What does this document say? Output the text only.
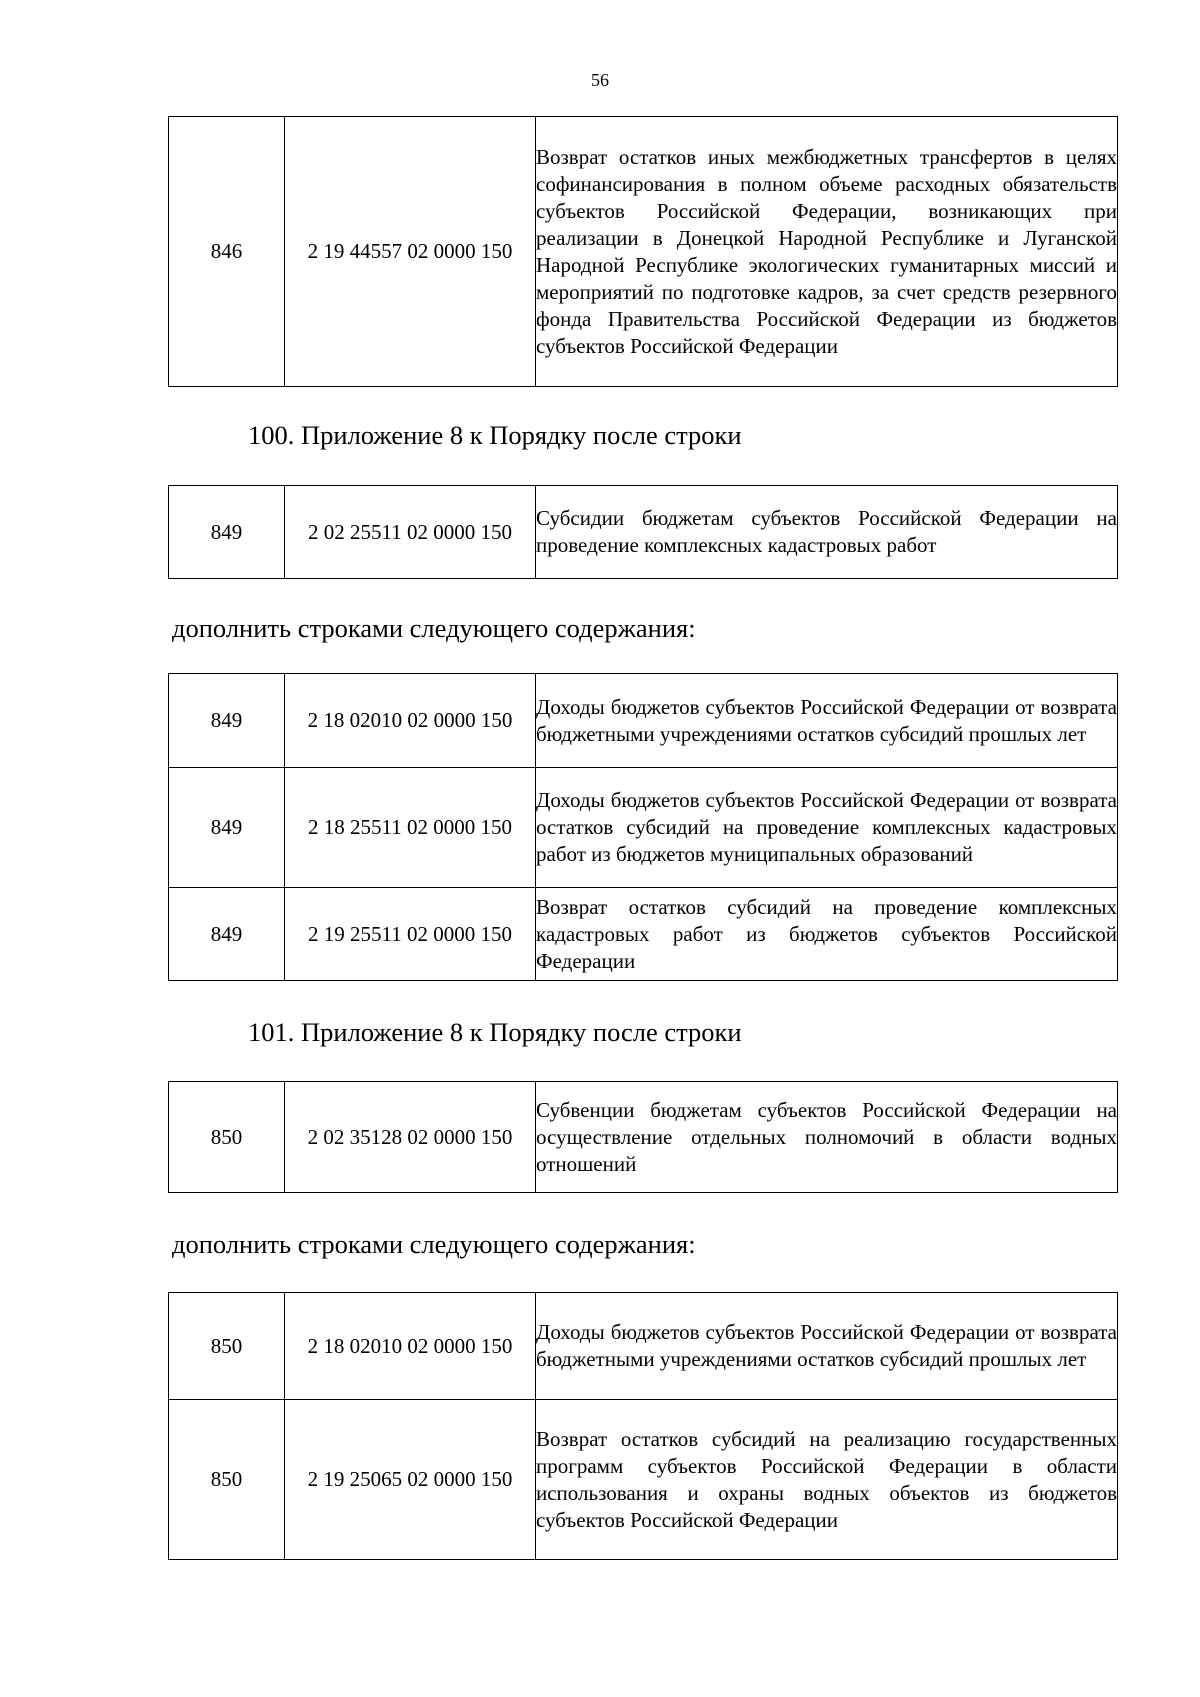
56
846	2 19 44557 02 0000 150	Возврат остатков иных межбюджетных трансфертов в целях софинансирования в полном объеме расходных обязательств субъектов Российской Федерации, возникающих при реализации в Донецкой Народной Республике и Луганской Народной Республике экологических гуманитарных миссий и мероприятий по подготовке кадров, за счет средств резервного фонда Правительства Российской Федерации из бюджетов субъектов Российской Федерации
100. Приложение 8 к Порядку после строки
849	2 02 25511 02 0000 150	Субсидии бюджетам субъектов Российской Федерации на проведение комплексных кадастровых работ
дополнить строками следующего содержания:
849	2 18 02010 02 0000 150	Доходы бюджетов субъектов Российской Федерации от возврата бюджетными учреждениями остатков субсидий прошлых лет
849	2 18 25511 02 0000 150	Доходы бюджетов субъектов Российской Федерации от возврата остатков субсидий на проведение комплексных кадастровых работ из бюджетов муниципальных образований
849	2 19 25511 02 0000 150	Возврат остатков субсидий на проведение комплексных кадастровых работ из бюджетов субъектов Российской Федерации
101. Приложение 8 к Порядку после строки
850	2 02 35128 02 0000 150	Субвенции бюджетам субъектов Российской Федерации на осуществление отдельных полномочий в области водных отношений
дополнить строками следующего содержания:
850	2 18 02010 02 0000 150	Доходы бюджетов субъектов Российской Федерации от возврата бюджетными учреждениями остатков субсидий прошлых лет
850	2 19 25065 02 0000 150	Возврат остатков субсидий на реализацию государственных программ субъектов Российской Федерации в области использования и охраны водных объектов из бюджетов субъектов Российской Федерации
